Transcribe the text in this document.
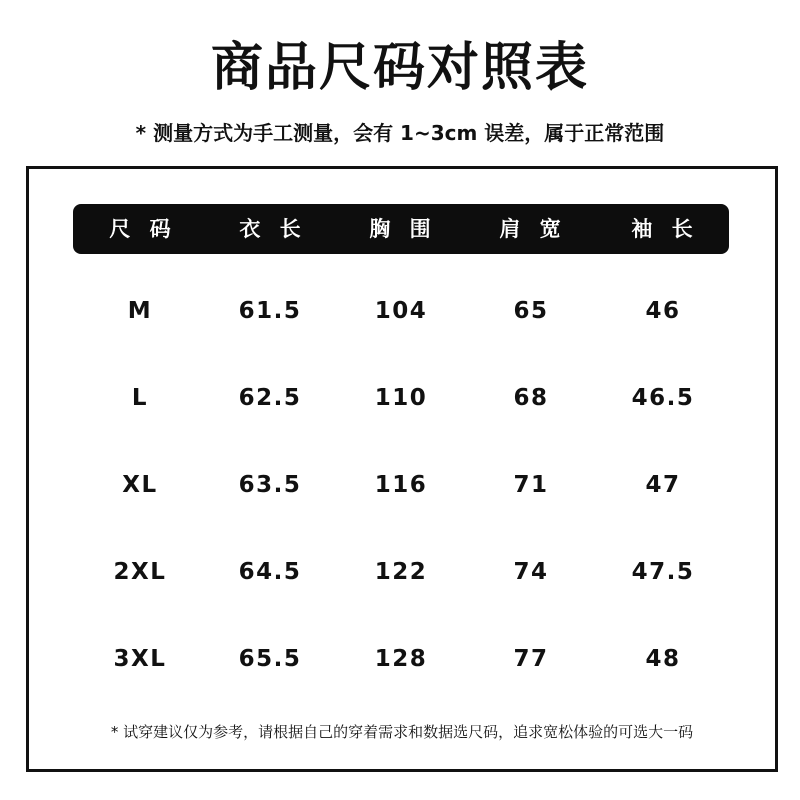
商品尺码对照表
* 测量方式为手工测量，会有 1~3cm 误差，属于正常范围
尺 码	衣 长	胸 围	肩 宽	袖 长
M	61.5	104	65	46
L	62.5	110	68	46.5
XL	63.5	116	71	47
2XL	64.5	122	74	47.5
3XL	65.5	128	77	48
* 试穿建议仅为参考，请根据自己的穿着需求和数据选尺码，追求宽松体验的可选大一码
